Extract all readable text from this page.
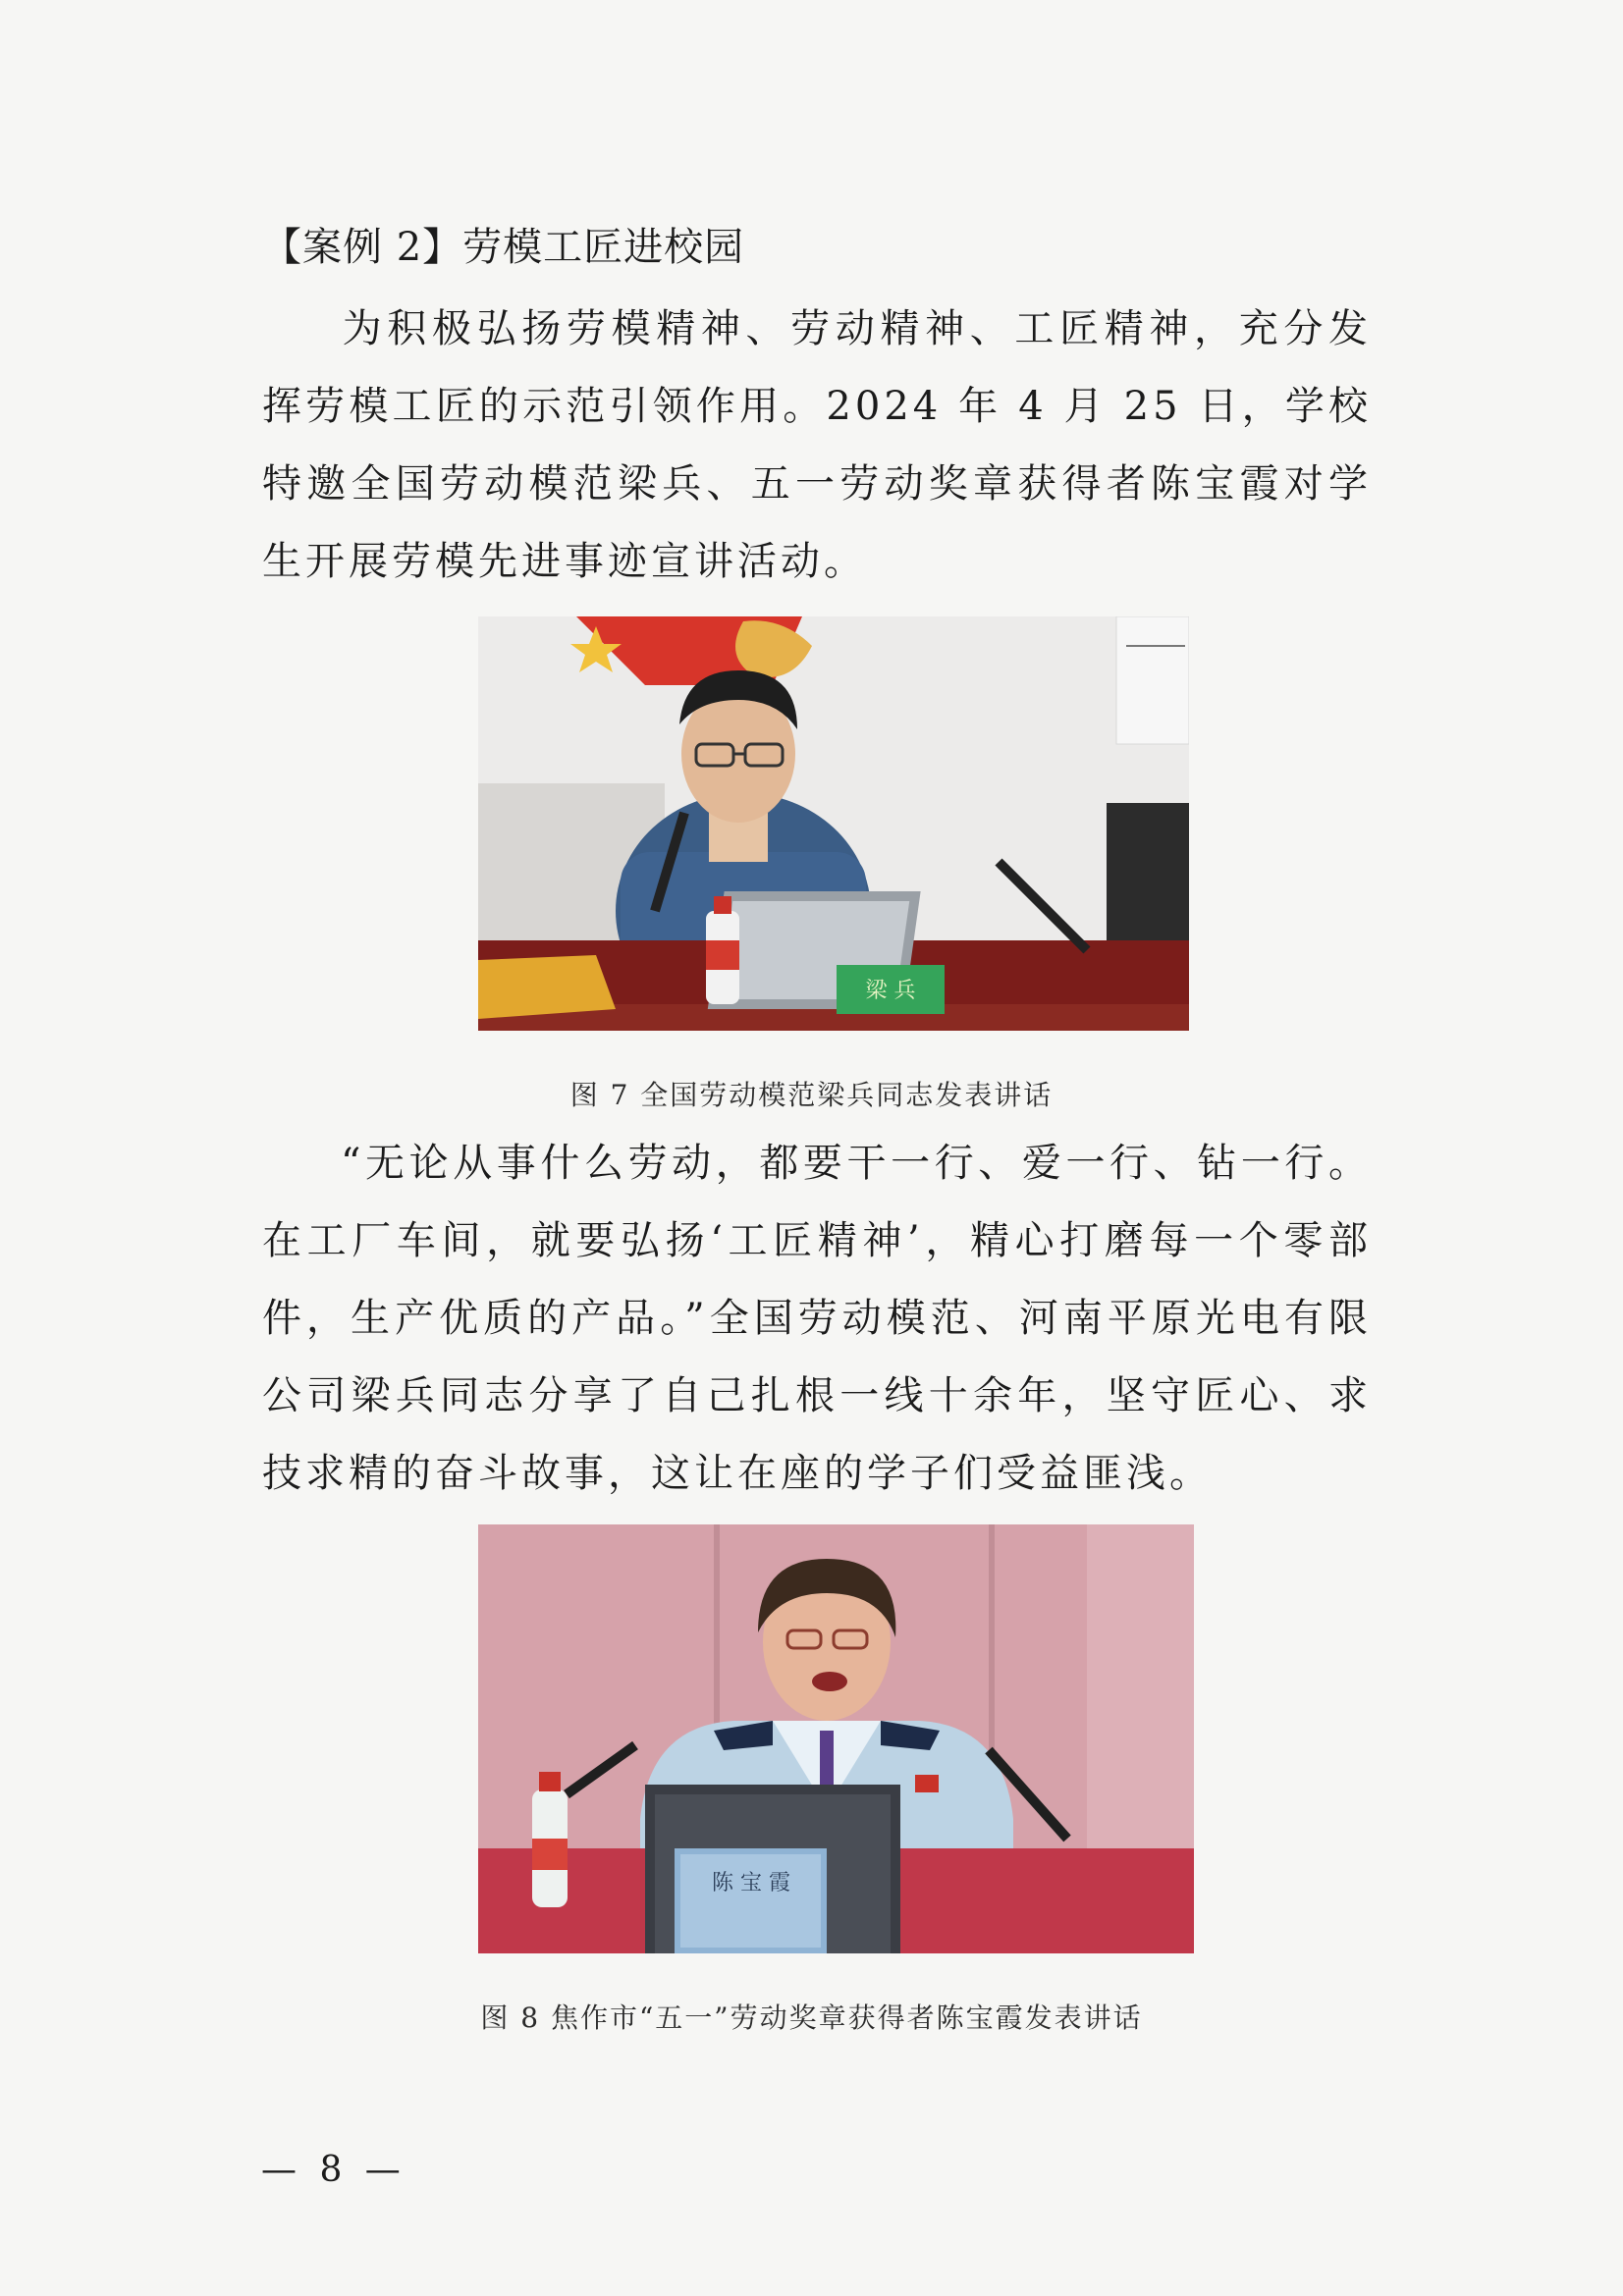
【案例 2】劳模工匠进校园
为积极弘扬劳模精神、劳动精神、工匠精神，充分发挥劳模工匠的示范引领作用。2024 年 4 月 25 日，学校特邀全国劳动模范梁兵、五一劳动奖章获得者陈宝霞对学生开展劳模先进事迹宣讲活动。
梁 兵
图 7 全国劳动模范梁兵同志发表讲话
“无论从事什么劳动，都要干一行、爱一行、钻一行。在工厂车间，就要弘扬‘工匠精神’，精心打磨每一个零部件，生产优质的产品。”全国劳动模范、河南平原光电有限公司梁兵同志分享了自己扎根一线十余年，坚守匠心、求技求精的奋斗故事，这让在座的学子们受益匪浅。
陈 宝 霞
图 8 焦作市“五一”劳动奖章获得者陈宝霞发表讲话
— 8 —
